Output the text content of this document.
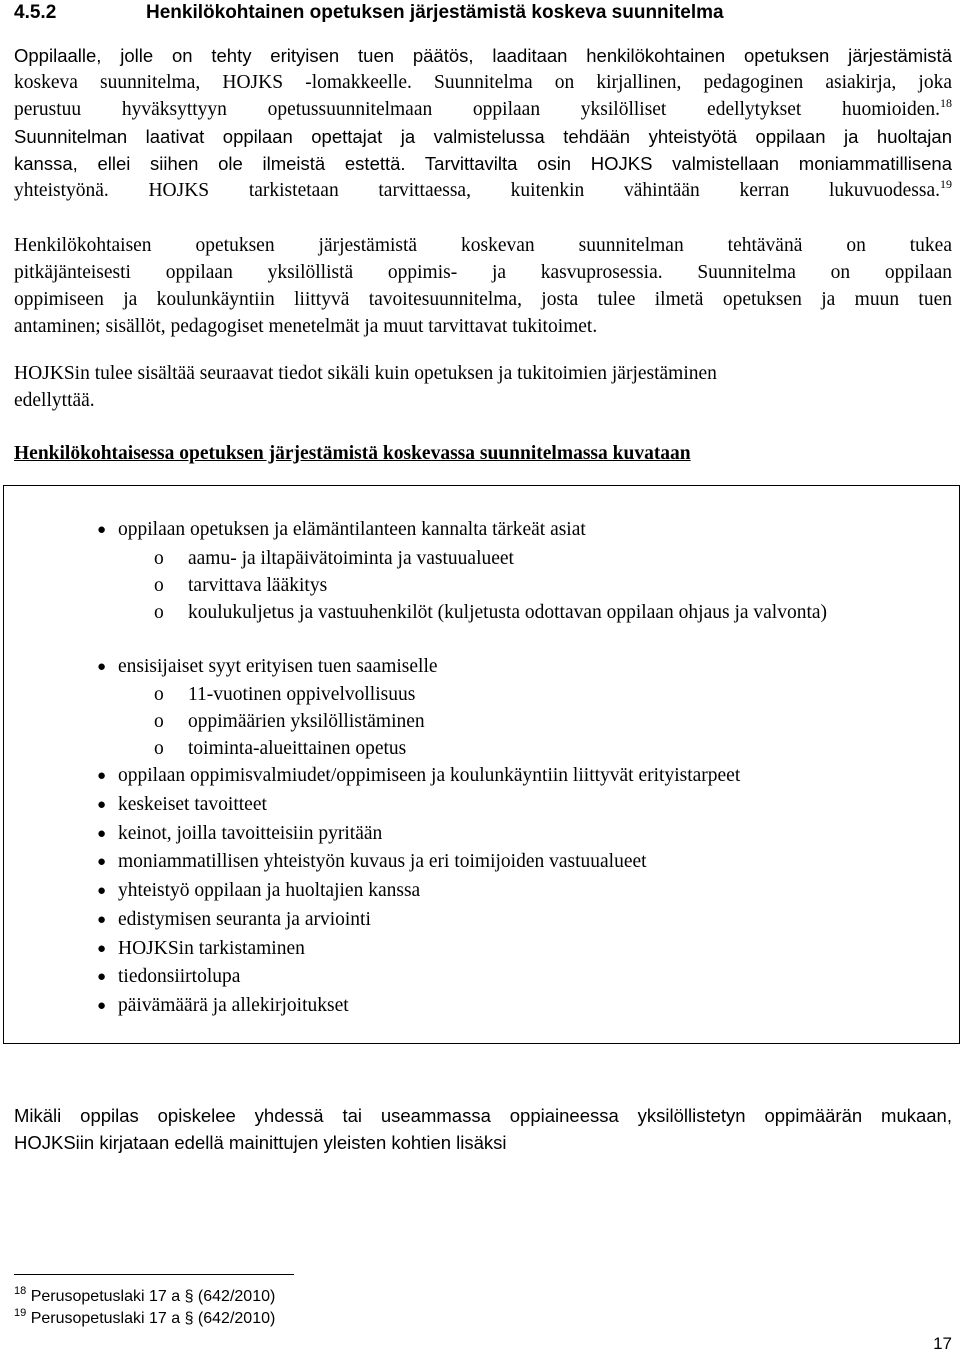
4.5.2	Henkilökohtainen opetuksen järjestämistä koskeva suunnitelma
Oppilaalle, jolle on tehty erityisen tuen päätös, laaditaan henkilökohtainen opetuksen järjestämistä
koskeva suunnitelma, HOJKS -lomakkeelle. Suunnitelma on kirjallinen, pedagoginen asiakirja, joka
perustuu hyväksyttyyn opetussuunnitelmaan oppilaan yksilölliset edellytykset huomioiden.$^{18}$
Suunnitelman laativat oppilaan opettajat ja valmistelussa tehdään yhteistyötä oppilaan ja huoltajan
kanssa, ellei siihen ole ilmeistä estettä. Tarvittavilta osin HOJKS valmistellaan moniammatillisena
yhteistyönä. HOJKS tarkistetaan tarvittaessa, kuitenkin vähintään kerran lukuvuodessa.$^{19}$
Henkilökohtaisen opetuksen järjestämistä koskevan suunnitelman tehtävänä on tukea
pitkäjänteisesti oppilaan yksilöllistä oppimis- ja kasvuprosessia. Suunnitelma on oppilaan
oppimiseen ja koulunkäyntiin liittyvä tavoitesuunnitelma, josta tulee ilmetä opetuksen ja muun tuen
antaminen; sisällöt, pedagogiset menetelmät ja muut tarvittavat tukitoimet.
HOJKSin tulee sisältää seuraavat tiedot sikäli kuin opetuksen ja tukitoimien järjestäminen
edellyttää.
Henkilökohtaisessa opetuksen järjestämistä koskevassa suunnitelmassa kuvataan
● oppilaan opetuksen ja elämäntilanteen kannalta tärkeät asiat
o aamu- ja iltapäivätoiminta ja vastuualueet
o tarvittava lääkitys
o koulukuljetus ja vastuuhenkilöt (kuljetusta odottavan oppilaan ohjaus ja valvonta)
● ensisijaiset syyt erityisen tuen saamiselle
o 11-vuotinen oppivelvollisuus
o oppimäärien yksilöllistäminen
o toiminta-alueittainen opetus
● oppilaan oppimisvalmiudet/oppimiseen ja koulunkäyntiin liittyvät erityistarpeet
● keskeiset tavoitteet
● keinot, joilla tavoitteisiin pyritään
● moniammatillisen yhteistyön kuvaus ja eri toimijoiden vastuualueet
● yhteistyö oppilaan ja huoltajien kanssa
● edistymisen seuranta ja arviointi
● HOJKSin tarkistaminen
● tiedonsiirtolupa
● päivämäärä ja allekirjoitukset
Mikäli oppilas opiskelee yhdessä tai useammassa oppiaineessa yksilöllistetyn oppimäärän mukaan,
HOJKSiin kirjataan edellä mainittujen yleisten kohtien lisäksi
$^{18}$ Perusopetuslaki 17 a § (642/2010)
$^{19}$ Perusopetuslaki 17 a § (642/2010)
17
